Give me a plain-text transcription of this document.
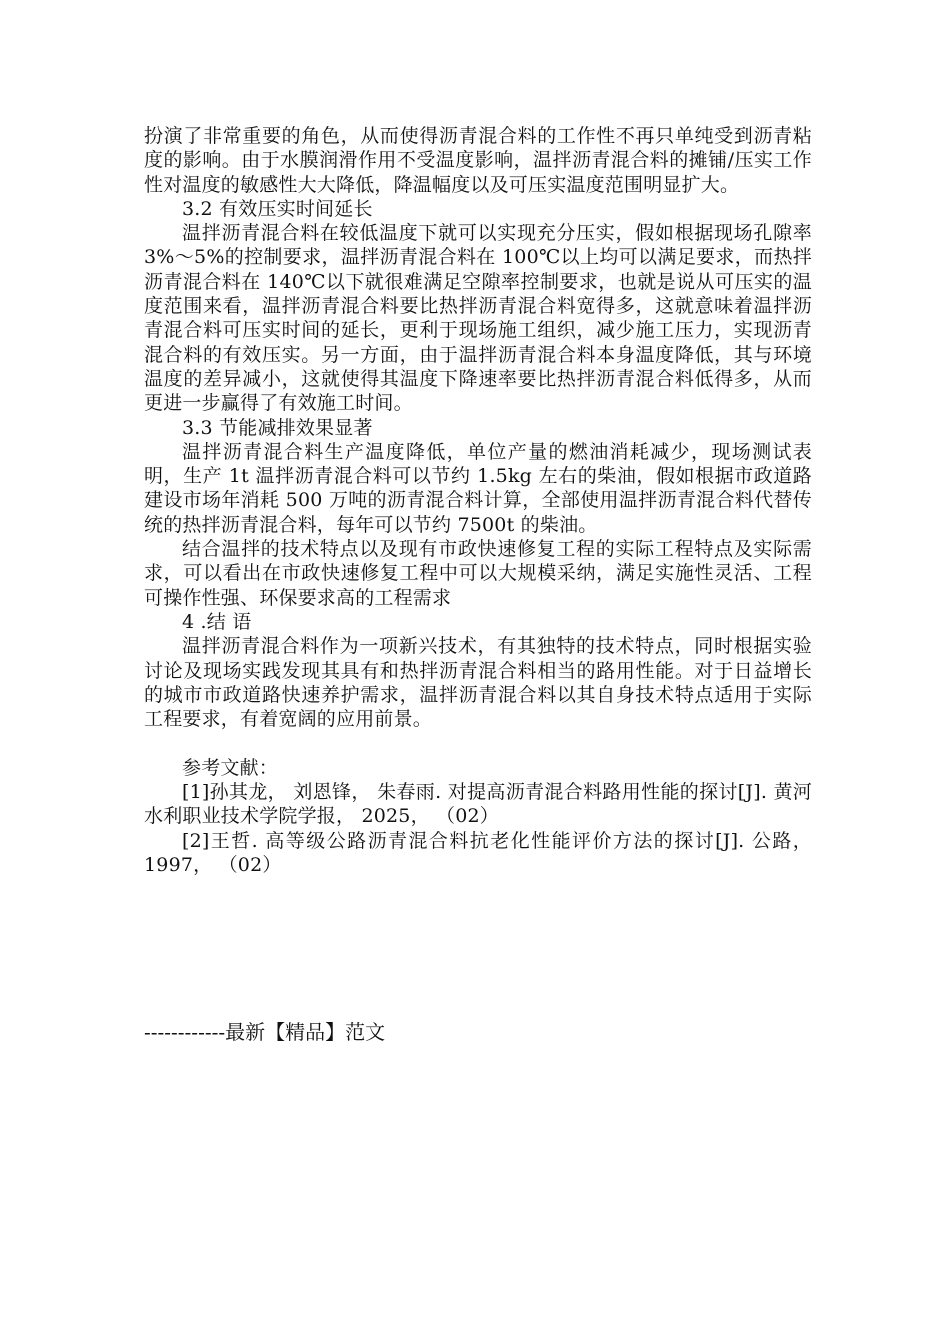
扮演了非常重要的角色，从而使得沥青混合料的工作性不再只单纯受到沥青粘度的影响。由于水膜润滑作用不受温度影响，温拌沥青混合料的摊铺/压实工作性对温度的敏感性大大降低，降温幅度以及可压实温度范围明显扩大。

3.2 有效压实时间延长

温拌沥青混合料在较低温度下就可以实现充分压实，假如根据现场孔隙率 3%～5%的控制要求，温拌沥青混合料在 100℃以上均可以满足要求，而热拌沥青混合料在 140℃以下就很难满足空隙率控制要求，也就是说从可压实的温度范围来看，温拌沥青混合料要比热拌沥青混合料宽得多，这就意味着温拌沥青混合料可压实时间的延长，更利于现场施工组织，减少施工压力，实现沥青混合料的有效压实。另一方面，由于温拌沥青混合料本身温度降低，其与环境温度的差异减小，这就使得其温度下降速率要比热拌沥青混合料低得多，从而更进一步赢得了有效施工时间。

3.3 节能减排效果显著

温拌沥青混合料生产温度降低，单位产量的燃油消耗减少，现场测试表明，生产 1t 温拌沥青混合料可以节约 1.5kg 左右的柴油，假如根据市政道路建设市场年消耗 500 万吨的沥青混合料计算，全部使用温拌沥青混合料代替传统的热拌沥青混合料，每年可以节约 7500t 的柴油。

结合温拌的技术特点以及现有市政快速修复工程的实际工程特点及实际需求，可以看出在市政快速修复工程中可以大规模采纳，满足实施性灵活、工程可操作性强、环保要求高的工程需求

4 .结 语

温拌沥青混合料作为一项新兴技术，有其独特的技术特点，同时根据实验讨论及现场实践发现其具有和热拌沥青混合料相当的路用性能。对于日益增长的城市市政道路快速养护需求，温拌沥青混合料以其自身技术特点适用于实际工程要求，有着宽阔的应用前景。

参考文献：

[1]孙其龙， 刘恩锋， 朱春雨. 对提高沥青混合料路用性能的探讨[J]. 黄河水利职业技术学院学报， 2025， （02）

[2]王哲. 高等级公路沥青混合料抗老化性能评价方法的探讨[J]. 公路， 1997， （02）

------------最新【精品】范文
